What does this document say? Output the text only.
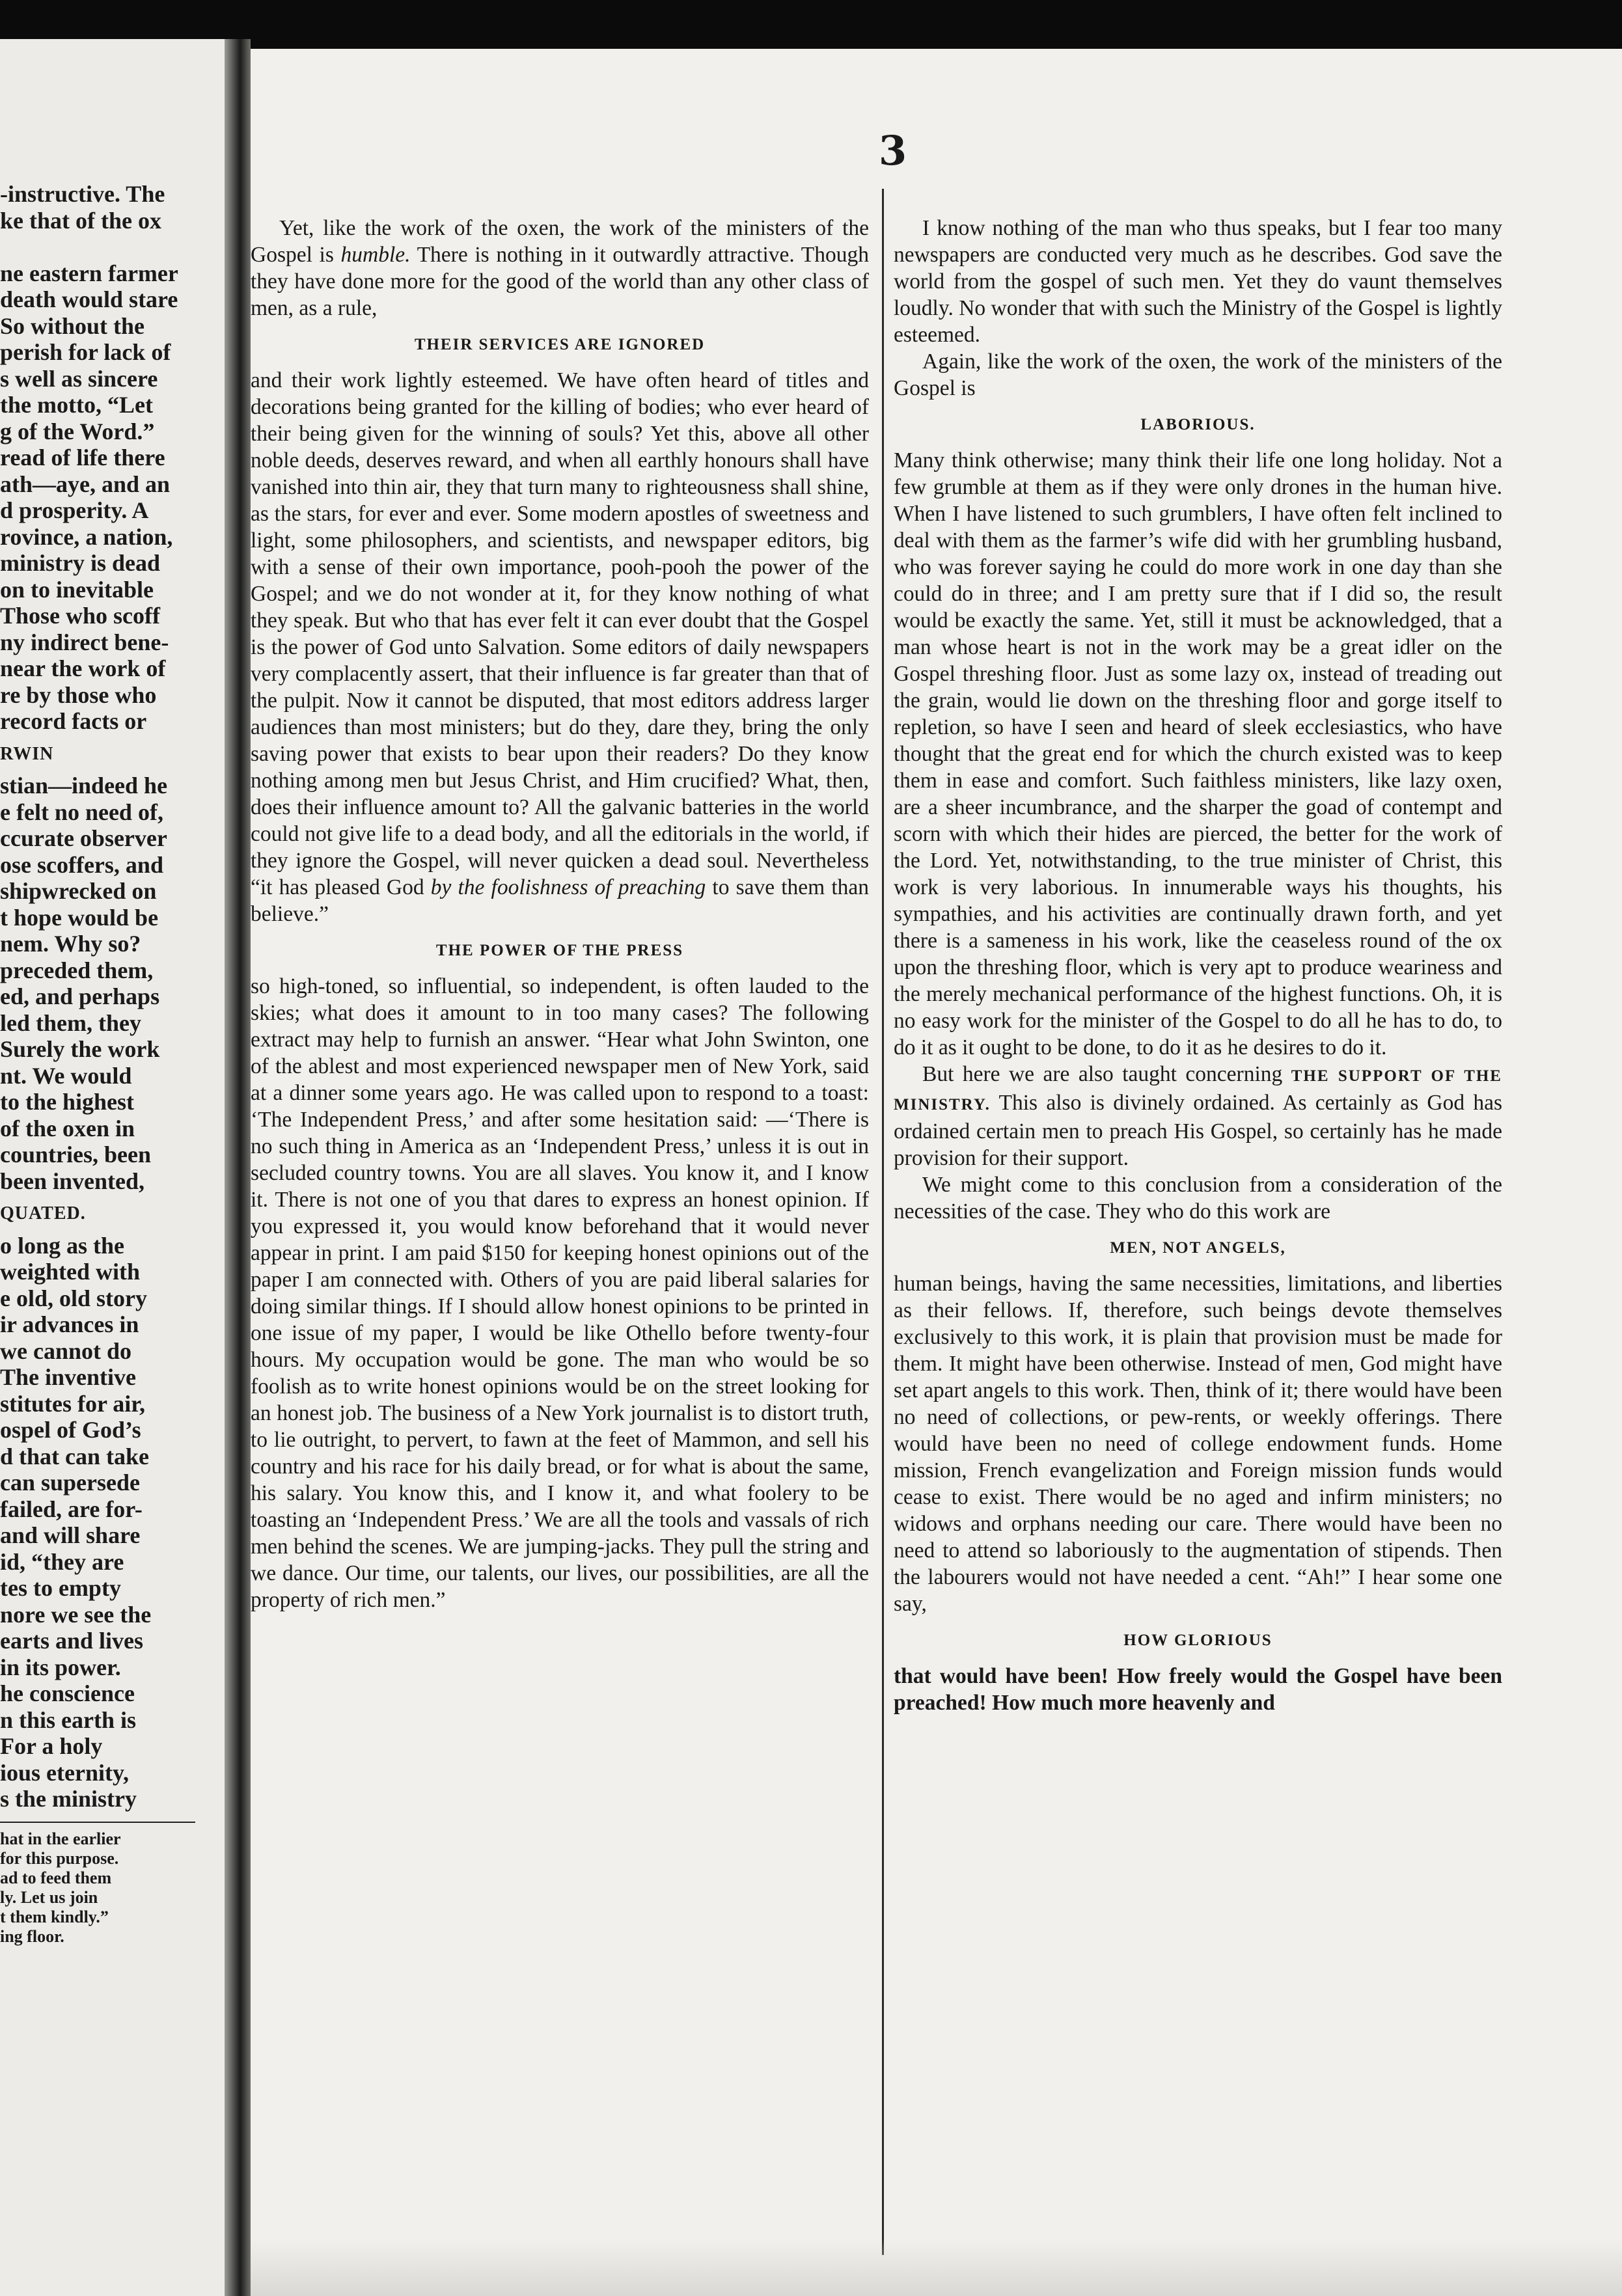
-instructive. The
ke that of the ox
ne eastern farmer
death would stare
So without the
perish for lack of
s well as sincere
the motto, “Let
g of the Word.”
read of life there
ath—aye, and an
d prosperity. A
rovince, a nation,
ministry is dead
on to inevitable
Those who scoff
ny indirect bene-
near the work of
re by those who
record facts or
RWIN
stian—indeed he
e felt no need of,
ccurate observer
ose scoffers, and
shipwrecked on
t hope would be
nem. Why so?
preceded them,
ed, and perhaps
led them, they
Surely the work
nt. We would
to the highest
of the oxen in
countries, been
been invented,
QUATED.
o long as the
weighted with
e old, old story
ir advances in
we cannot do
The inventive
stitutes for air,
ospel of God’s
d that can take
can supersede
failed, are for-
and will share
id, “they are
tes to empty
nore we see the
earts and lives
in its power.
he conscience
n this earth is
For a holy
ious eternity,
s the ministry
hat in the earlier
for this purpose.
ad to feed them
ly. Let us join
t them kindly.”
ing floor.
3

Yet, like the work of the oxen, the work of the ministers of the Gospel is humble. There is nothing in it outwardly attractive. Though they have done more for the good of the world than any other class of men, as a rule,

THEIR SERVICES ARE IGNORED

and their work lightly esteemed. We have often heard of titles and decorations being granted for the killing of bodies; who ever heard of their being given for the winning of souls? Yet this, above all other noble deeds, deserves reward, and when all earthly honours shall have vanished into thin air, they that turn many to righteousness shall shine, as the stars, for ever and ever. Some modern apostles of sweetness and light, some philosophers, and scientists, and newspaper editors, big with a sense of their own importance, pooh-pooh the power of the Gospel; and we do not wonder at it, for they know nothing of what they speak. But who that has ever felt it can ever doubt that the Gospel is the power of God unto Salvation. Some editors of daily newspapers very complacently assert, that their influence is far greater than that of the pulpit. Now it cannot be disputed, that most editors address larger audiences than most ministers; but do they, dare they, bring the only saving power that exists to bear upon their readers? Do they know nothing among men but Jesus Christ, and Him crucified? What, then, does their influence amount to? All the galvanic batteries in the world could not give life to a dead body, and all the editorials in the world, if they ignore the Gospel, will never quicken a dead soul. Nevertheless “it has pleased God by the foolishness of preaching to save them than believe.”

THE POWER OF THE PRESS

so high-toned, so influential, so independent, is often lauded to the skies; what does it amount to in too many cases? The following extract may help to furnish an answer. “Hear what John Swinton, one of the ablest and most experienced newspaper men of New York, said at a dinner some years ago. He was called upon to respond to a toast: ‘The Independent Press,’ and after some hesitation said: —‘There is no such thing in America as an ‘Independent Press,’ unless it is out in secluded country towns. You are all slaves. You know it, and I know it. There is not one of you that dares to express an honest opinion. If you expressed it, you would know beforehand that it would never appear in print. I am paid $150 for keeping honest opinions out of the paper I am connected with. Others of you are paid liberal salaries for doing similar things. If I should allow honest opinions to be printed in one issue of my paper, I would be like Othello before twenty-four hours. My occupation would be gone. The man who would be so foolish as to write honest opinions would be on the street looking for an honest job. The business of a New York journalist is to distort truth, to lie outright, to pervert, to fawn at the feet of Mammon, and sell his country and his race for his daily bread, or for what is about the same, his salary. You know this, and I know it, and what foolery to be toasting an ‘Independent Press.’ We are all the tools and vassals of rich men behind the scenes. We are jumping-jacks. They pull the string and we dance. Our time, our talents, our lives, our possibilities, are all the property of rich men.”

I know nothing of the man who thus speaks, but I fear too many newspapers are conducted very much as he describes. God save the world from the gospel of such men. Yet they do vaunt themselves loudly. No wonder that with such the Ministry of the Gospel is lightly esteemed.

Again, like the work of the oxen, the work of the ministers of the Gospel is

LABORIOUS.

Many think otherwise; many think their life one long holiday. Not a few grumble at them as if they were only drones in the human hive. When I have listened to such grumblers, I have often felt inclined to deal with them as the farmer’s wife did with her grumbling husband, who was forever saying he could do more work in one day than she could do in three; and I am pretty sure that if I did so, the result would be exactly the same. Yet, still it must be acknowledged, that a man whose heart is not in the work may be a great idler on the Gospel threshing floor. Just as some lazy ox, instead of treading out the grain, would lie down on the threshing floor and gorge itself to repletion, so have I seen and heard of sleek ecclesiastics, who have thought that the great end for which the church existed was to keep them in ease and comfort. Such faithless ministers, like lazy oxen, are a sheer incumbrance, and the sharper the goad of contempt and scorn with which their hides are pierced, the better for the work of the Lord. Yet, notwithstanding, to the true minister of Christ, this work is very laborious. In innumerable ways his thoughts, his sympathies, and his activities are continually drawn forth, and yet there is a sameness in his work, like the ceaseless round of the ox upon the threshing floor, which is very apt to produce weariness and the merely mechanical performance of the highest functions. Oh, it is no easy work for the minister of the Gospel to do all he has to do, to do it as it ought to be done, to do it as he desires to do it.

But here we are also taught concerning THE SUPPORT OF THE MINISTRY. This also is divinely ordained. As certainly as God has ordained certain men to preach His Gospel, so certainly has he made provision for their support.

We might come to this conclusion from a consideration of the necessities of the case. They who do this work are

MEN, NOT ANGELS,

human beings, having the same necessities, limitations, and liberties as their fellows. If, therefore, such beings devote themselves exclusively to this work, it is plain that provision must be made for them. It might have been otherwise. Instead of men, God might have set apart angels to this work. Then, think of it; there would have been no need of collections, or pew-rents, or weekly offerings. There would have been no need of college endowment funds. Home mission, French evangelization and Foreign mission funds would cease to exist. There would be no aged and infirm ministers; no widows and orphans needing our care. There would have been no need to attend so laboriously to the augmentation of stipends. Then the labourers would not have needed a cent. “Ah!” I hear some one say,

HOW GLORIOUS

that would have been! How freely would the Gospel have been preached! How much more heavenly and
